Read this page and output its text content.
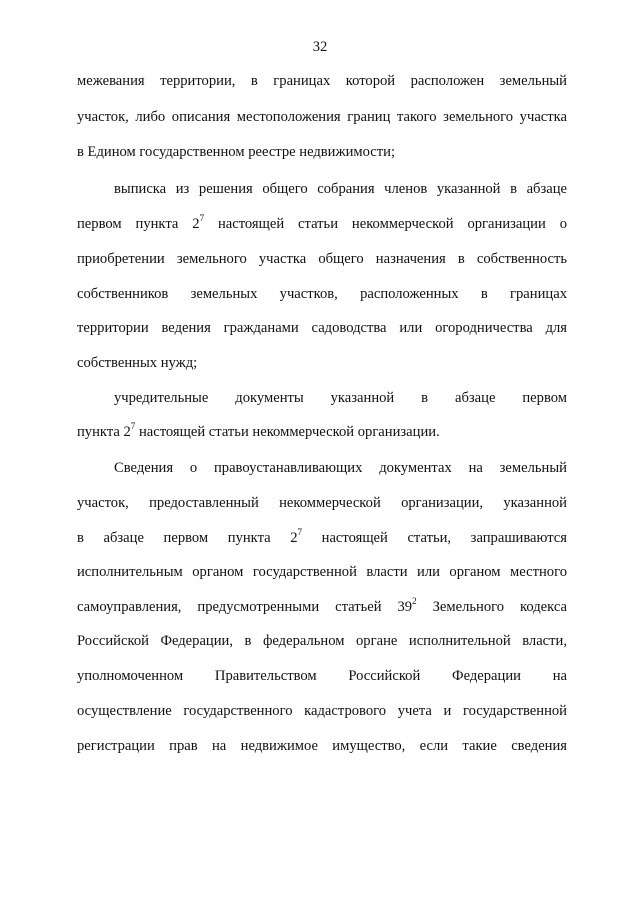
32
межевания территории, в границах которой расположен земельный
участок, либо описания местоположения границ такого земельного участка
в Едином государственном реестре недвижимости;
выписка из решения общего собрания членов указанной в абзаце
первом пункта $2^7$ настоящей статьи некоммерческой организации о
приобретении земельного участка общего назначения в собственность
собственников земельных участков, расположенных в границах
территории ведения гражданами садоводства или огородничества для
собственных нужд;
учредительные документы указанной в абзаце первом
пункта $2^7$ настоящей статьи некоммерческой организации.
Сведения о правоустанавливающих документах на земельный
участок, предоставленный некоммерческой организации, указанной
в абзаце первом пункта $2^7$ настоящей статьи, запрашиваются
исполнительным органом государственной власти или органом местного
самоуправления, предусмотренными статьей $39^2$ Земельного кодекса
Российской Федерации, в федеральном органе исполнительной власти,
уполномоченном Правительством Российской Федерации на
осуществление государственного кадастрового учета и государственной
регистрации прав на недвижимое имущество, если такие сведения
